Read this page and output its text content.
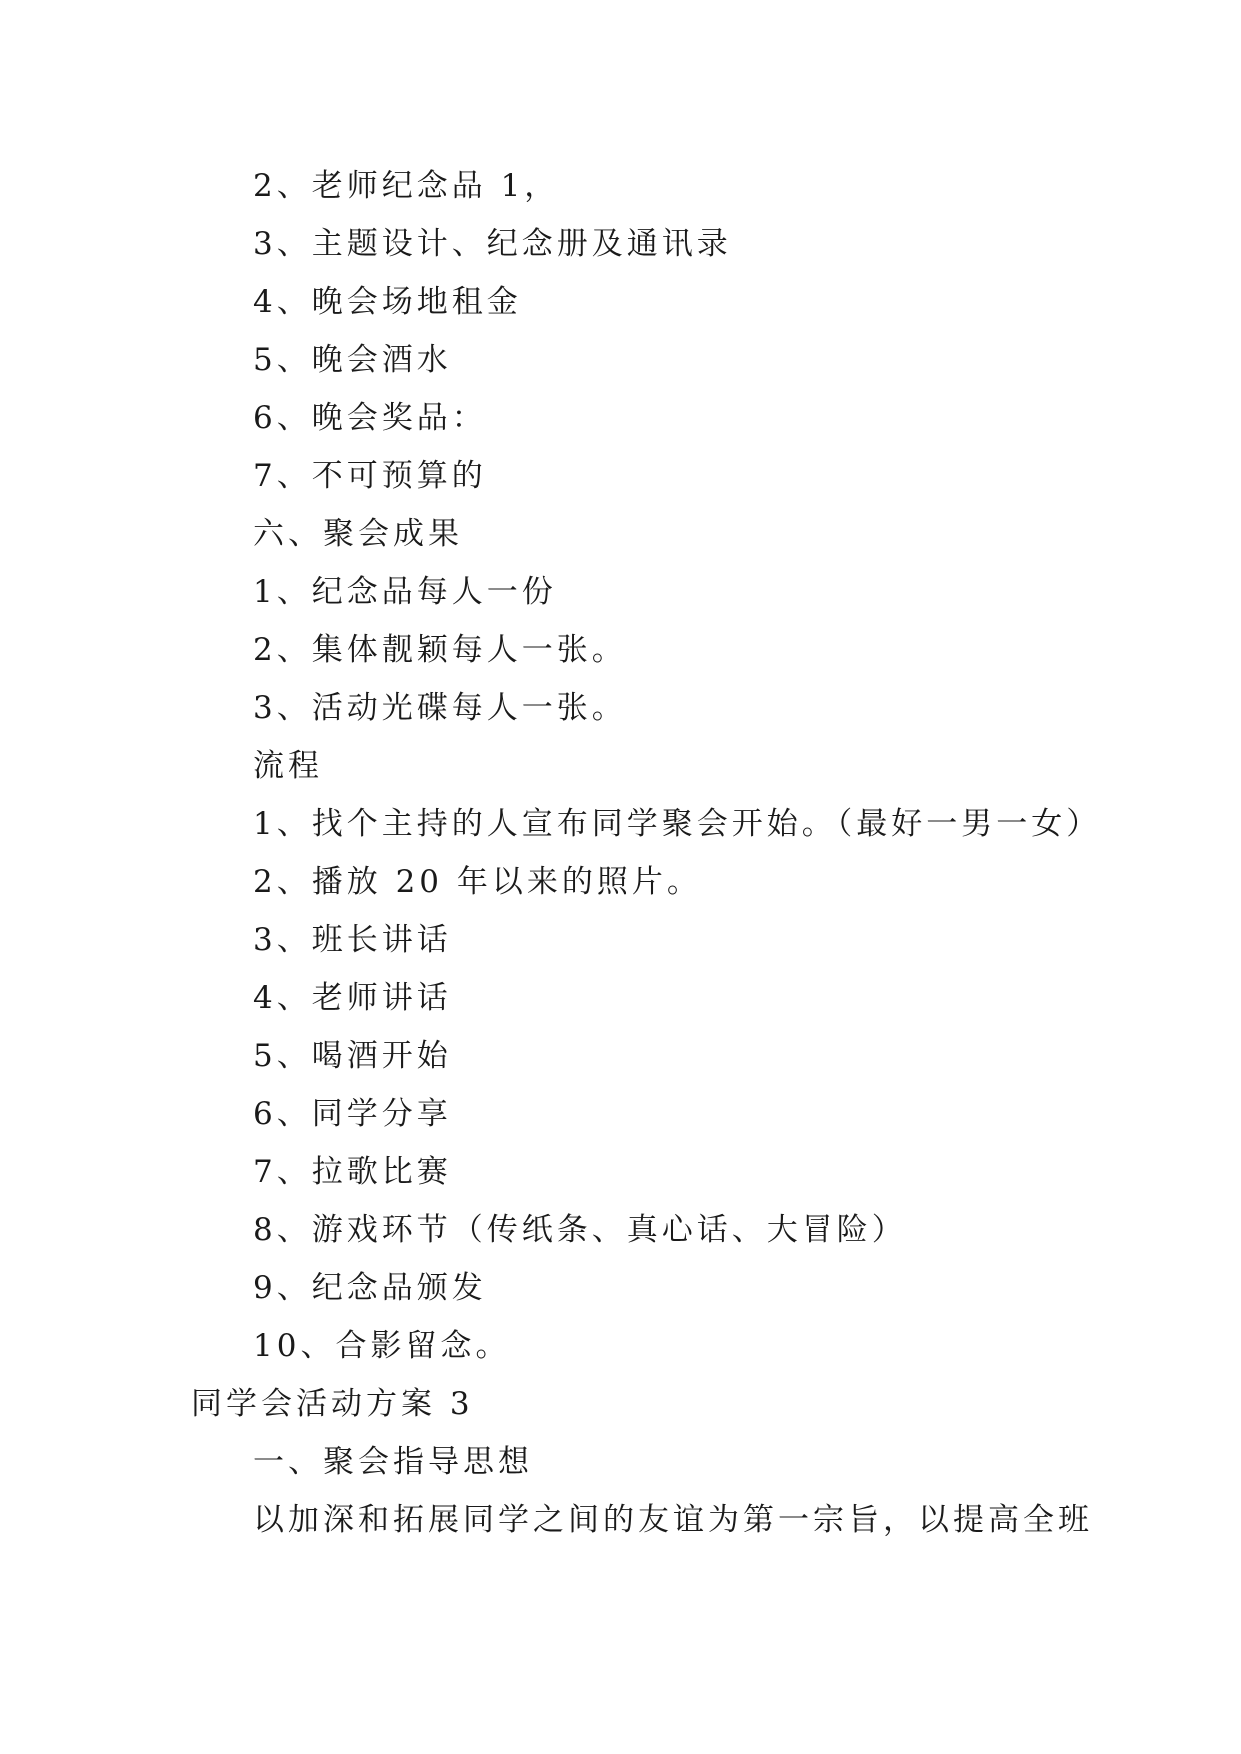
2、老师纪念品 1，
3、主题设计、纪念册及通讯录
4、晚会场地租金
5、晚会酒水
6、晚会奖品：
7、不可预算的
六、聚会成果
1、纪念品每人一份
2、集体靓颖每人一张。
3、活动光碟每人一张。
流程
1、找个主持的人宣布同学聚会开始。（最好一男一女）
2、播放 20 年以来的照片。
3、班长讲话
4、老师讲话
5、喝酒开始
6、同学分享
7、拉歌比赛
8、游戏环节（传纸条、真心话、大冒险）
9、纪念品颁发
10、合影留念。
同学会活动方案 3
一、聚会指导思想
以加深和拓展同学之间的友谊为第一宗旨，以提高全班
